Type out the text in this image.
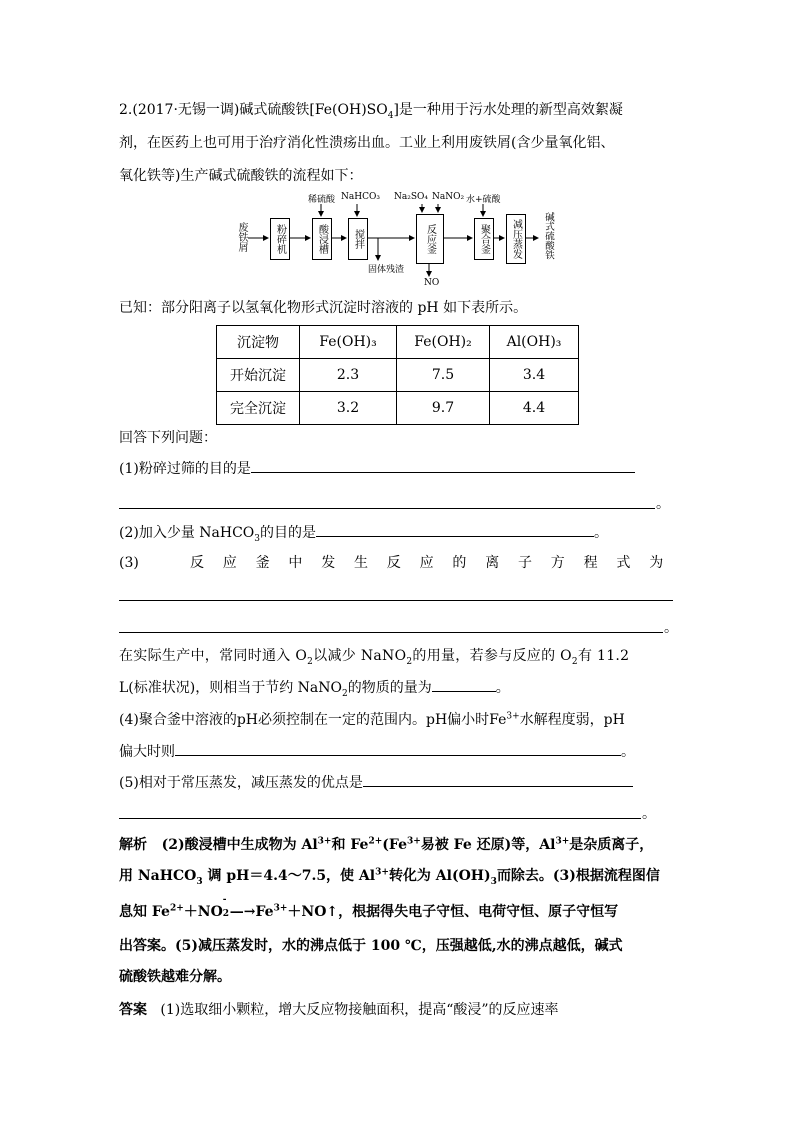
2.(2017·无锡一调)碱式硫酸铁$[Fe(OH)SO_4]$是一种用于污水处理的新型高效絮凝
剂，在医药上也可用于治疗消化性溃疡出血。工业上利用废铁屑(含少量氧化铝、
氧化铁等)生产碱式硫酸铁的流程如下：
废铁屑	粉碎机	酸浸槽	搅拌	反应釜	聚合釜	减压蒸发	碱式硫酸铁
稀硫酸 NaHCO₃ Na₂SO₄ NaNO₂ 水+硫酸
固体残渣
NO
已知：部分阳离子以氢氧化物形式沉淀时溶液的 pH 如下表所示。
沉淀物	Fe(OH)₃	Fe(OH)₂	Al(OH)₃
开始沉淀	2.3	7.5	3.4
完全沉淀	3.2	9.7	4.4
回答下列问题：
(1)粉碎过筛的目的是
。
(2)加入少量 NaHCO$_3$的目的是	。
(3)	反应釜中发生反应的离子方程式为
。
在实际生产中，常同时通入 $O_2$以减少 NaNO$_2$的用量，若参与反应的 $O_2$有 11.2
L(标准状况)，则相当于节约 NaNO$_2$的物质的量为	。
(4)聚合釜中溶液的pH必须控制在一定的范围内。pH偏小时$Fe^{3+}$水解程度弱，pH
偏大时则	。
(5)相对于常压蒸发，减压蒸发的优点是
。
解析 (2)酸浸槽中生成物为 $Al^{3+}$和 $Fe^{2+}(Fe^{3+}$易被 Fe 还原)等，$Al^{3+}$是杂质离子，
用 NaHCO$_3$ 调 pH＝4.4～7.5，使 $Al^{3+}$转化为 $Al(OH)_3$而除去。(3)根据流程图信
息知 $Fe^{2+}+NO$
-
2 $—\to Fe^{3+}+NO↑$，根据得失电子守恒、电荷守恒、原子守恒写
出答案。(5)减压蒸发时，水的沸点低于 100 ℃，压强越低,水的沸点越低，碱式
硫酸铁越难分解。
答案 (1)选取细小颗粒，增大反应物接触面积，提高“酸浸”的反应速率
